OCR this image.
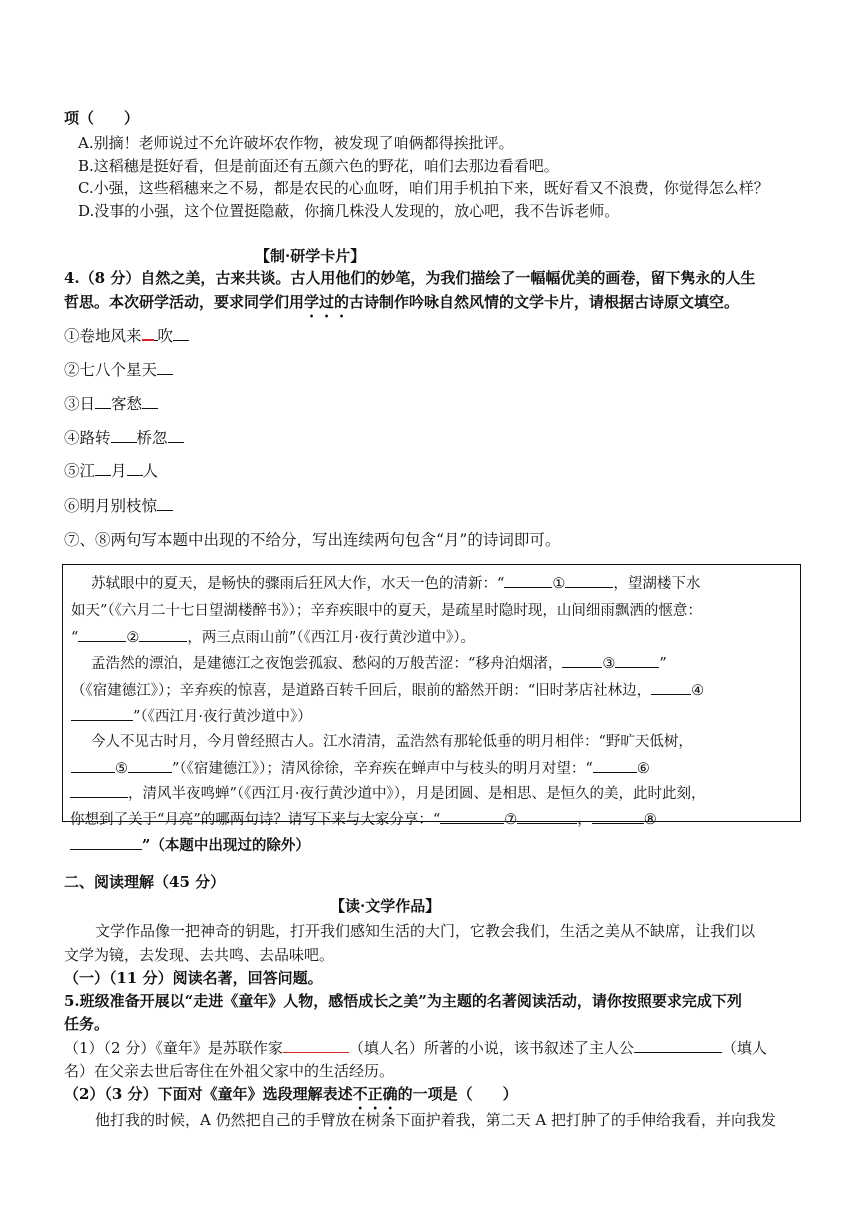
项（　　）
A.别摘！老师说过不允许破坏农作物，被发现了咱俩都得挨批评。
B.这稻穗是挺好看，但是前面还有五颜六色的野花，咱们去那边看看吧。
C.小强，这些稻穗来之不易，都是农民的心血呀，咱们用手机拍下来，既好看又不浪费，你觉得怎么样？
D.没事的小强，这个位置挺隐蔽，你摘几株没人发现的，放心吧，我不告诉老师。
【制·研学卡片】
4.（8 分）自然之美，古来共谈。古人用他们的妙笔，为我们描绘了一幅幅优美的画卷，留下隽永的人生
哲思。本次研学活动，要求同学们用学过的古诗制作吟咏自然风情的文学卡片，请根据古诗原文填空。
①卷地风来 吹
②七八个星天
③日 客愁
④路转 桥忽
⑤江 月 人
⑥明月别枝惊
⑦、⑧两句写本题中出现的不给分，写出连续两句包含“月”的诗词即可。
苏轼眼中的夏天，是畅快的骤雨后狂风大作，水天一色的清新：“	①	，望湖楼下水
如天”（《六月二十七日望湖楼醉书》）；辛弃疾眼中的夏天，是疏星时隐时现，山间细雨飘洒的惬意：
“	②	，两三点雨山前”（《西江月·夜行黄沙道中》）。
孟浩然的漂泊，是建德江之夜饱尝孤寂、愁闷的万般苦涩：“移舟泊烟渚，	③	”
（《宿建德江》）；辛弃疾的惊喜，是道路百转千回后，眼前的豁然开朗：“旧时茅店社林边，	④
”（《西江月·夜行黄沙道中》）
今人不见古时月，今月曾经照古人。江水清清，孟浩然有那轮低垂的明月相伴：“野旷天低树，
⑤	”（《宿建德江》）；清风徐徐，辛弃疾在蝉声中与枝头的明月对望：“	⑥
，清风半夜鸣蝉”（《西江月·夜行黄沙道中》），月是团圆、是相思、是恒久的美，此时此刻，
你想到了关于“月亮”的哪两句诗？请写下来与大家分享：“	⑦	，	⑧
”（本题中出现过的除外）
二、阅读理解（45 分）
【读·文学作品】
文学作品像一把神奇的钥匙，打开我们感知生活的大门，它教会我们，生活之美从不缺席，让我们以
文学为镜，去发现、去共鸣、去品味吧。
（一）（11 分）阅读名著，回答问题。
5.班级准备开展以“走进《童年》人物，感悟成长之美”为主题的名著阅读活动，请你按照要求完成下列
任务。
（1）（2 分）《童年》是苏联作家	（填人名）所著的小说，该书叙述了主人公	（填人
名）在父亲去世后寄住在外祖父家中的生活经历。
（2）（3 分）下面对《童年》选段理解表述不正确的一项是（　　）
他打我的时候，A 仍然把自己的手臂放在树条下面护着我，第二天 A 把打肿了的手伸给我看，并向我发
